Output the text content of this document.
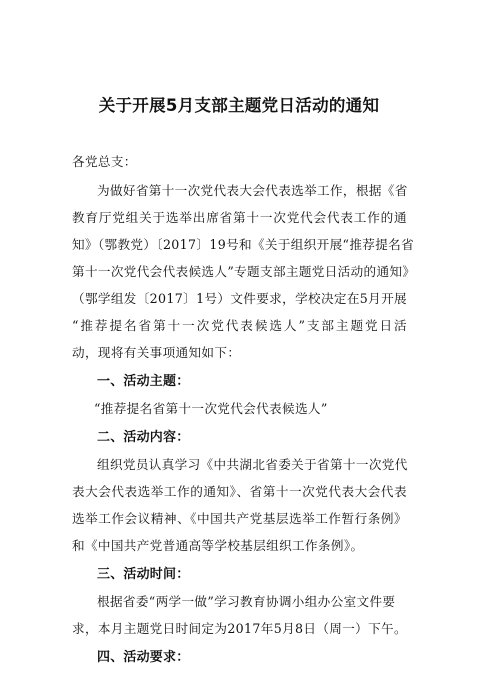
关于开展5月支部主题党日活动的通知
各党总支：
为做好省第十一次党代表大会代表选举工作，根据《省
教育厅党组关于选举出席省第十一次党代会代表工作的通
知》（鄂教党）〔2017〕19号和《关于组织开展“推荐提名省
第十一次党代会代表候选人”专题支部主题党日活动的通知》
（鄂学组发〔2017〕1号）文件要求，学校决定在5月开展
“推荐提名省第十一次党代表候选人”支部主题党日活
动，现将有关事项通知如下：
一、活动主题：
“推荐提名省第十一次党代会代表候选人”
二、活动内容：
组织党员认真学习《中共湖北省委关于省第十一次党代
表大会代表选举工作的通知》、省第十一次党代表大会代表
选举工作会议精神、《中国共产党基层选举工作暂行条例》
和《中国共产党普通高等学校基层组织工作条例》。
三、活动时间：
根据省委“两学一做”学习教育协调小组办公室文件要
求，本月主题党日时间定为2017年5月8日（周一）下午。
四、活动要求：
